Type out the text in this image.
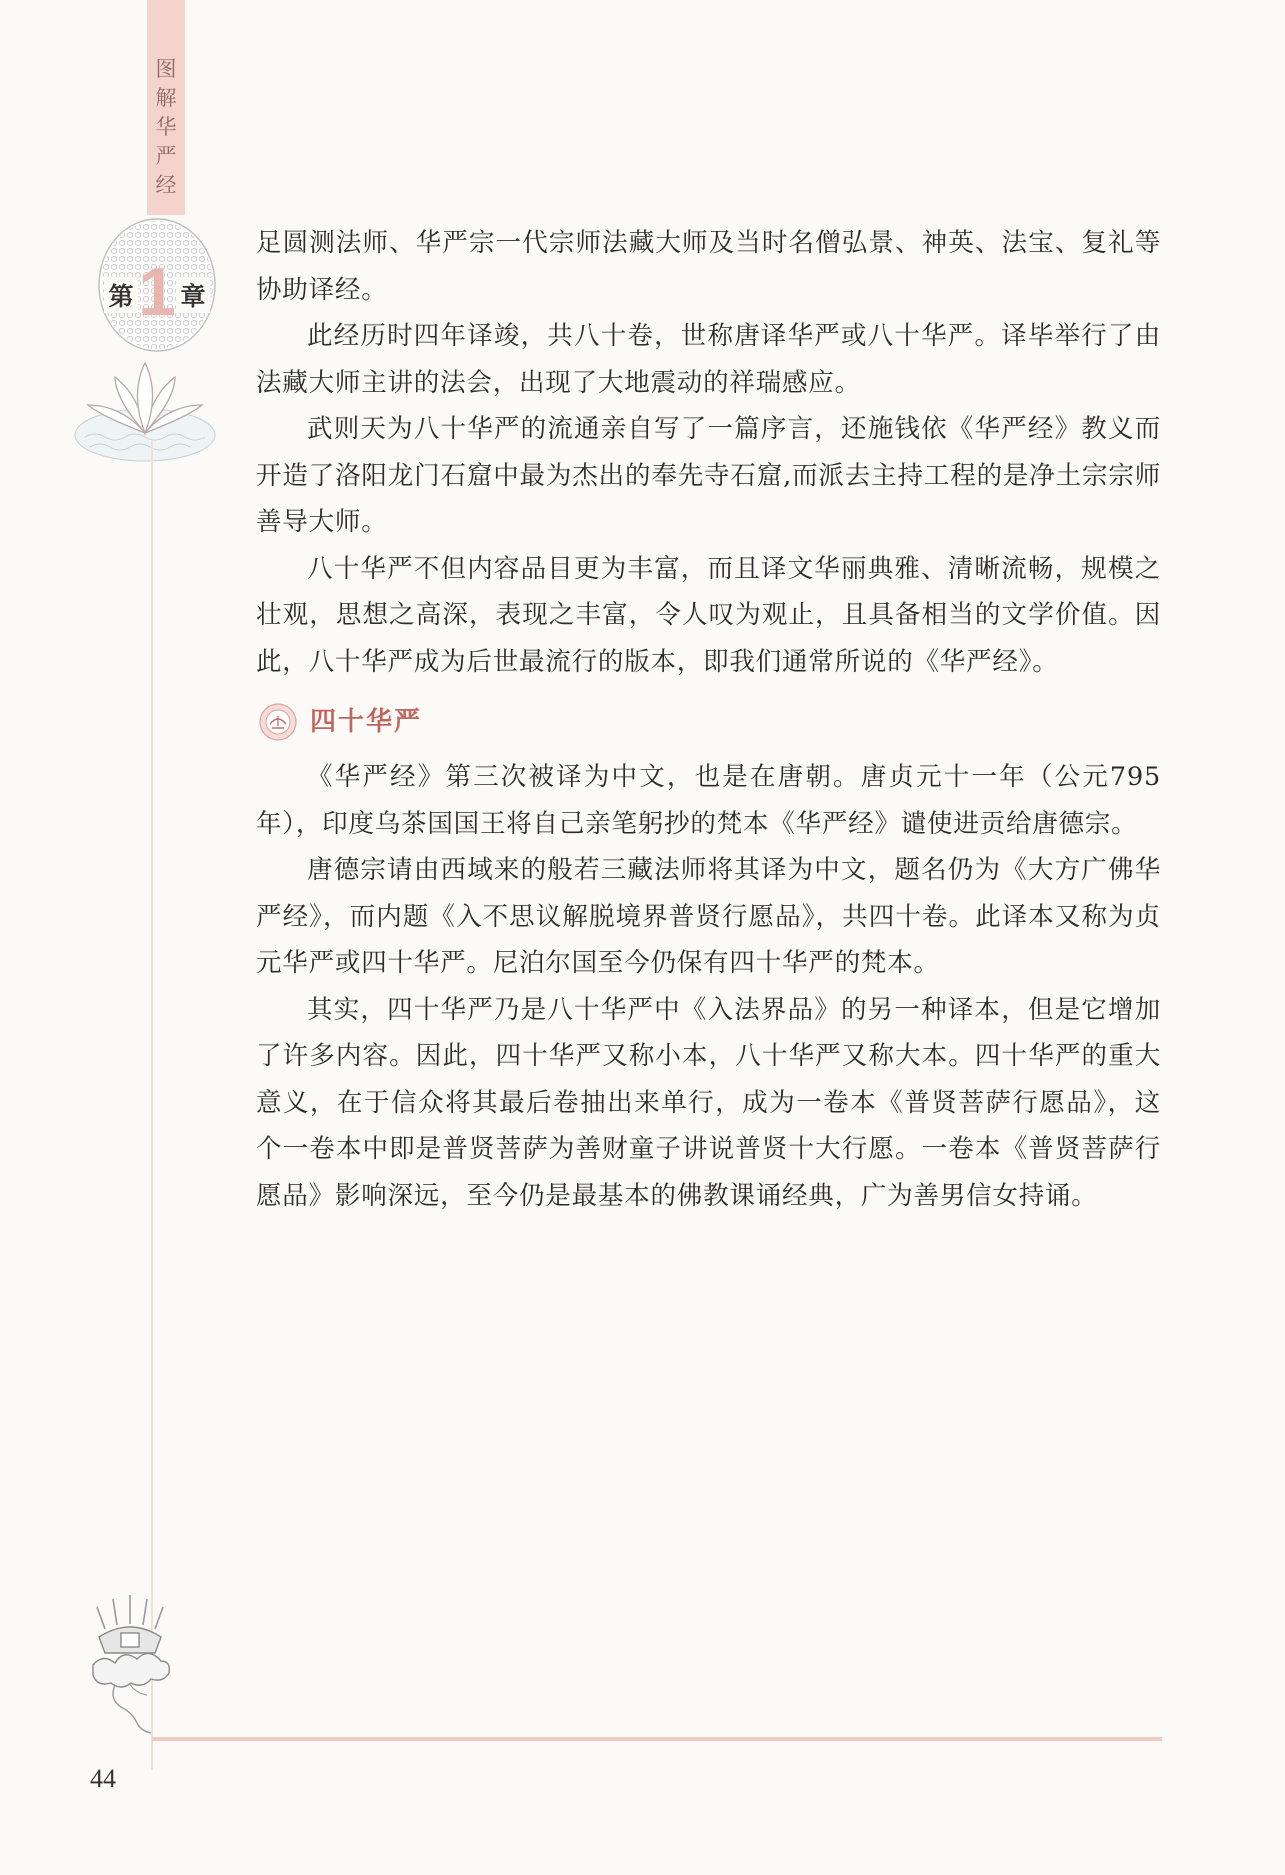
图解华严经
第 1 章

足圆测法师、华严宗一代宗师法藏大师及当时名僧弘景、神英、法宝、复礼等协助译经。

此经历时四年译竣，共八十卷，世称唐译华严或八十华严。译毕举行了由法藏大师主讲的法会，出现了大地震动的祥瑞感应。

武则天为八十华严的流通亲自写了一篇序言，还施钱依《华严经》教义而开造了洛阳龙门石窟中最为杰出的奉先寺石窟,而派去主持工程的是净土宗宗师善导大师。

八十华严不但内容品目更为丰富，而且译文华丽典雅、清晰流畅，规模之壮观，思想之高深，表现之丰富，令人叹为观止，且具备相当的文学价值。因此，八十华严成为后世最流行的版本，即我们通常所说的《华严经》。

四十华严

《华严经》第三次被译为中文，也是在唐朝。唐贞元十一年（公元795年），印度乌茶国国王将自己亲笔躬抄的梵本《华严经》谴使进贡给唐德宗。

唐德宗请由西域来的般若三藏法师将其译为中文，题名仍为《大方广佛华严经》，而内题《入不思议解脱境界普贤行愿品》，共四十卷。此译本又称为贞元华严或四十华严。尼泊尔国至今仍保有四十华严的梵本。

其实，四十华严乃是八十华严中《入法界品》的另一种译本，但是它增加了许多内容。因此，四十华严又称小本，八十华严又称大本。四十华严的重大意义，在于信众将其最后卷抽出来单行，成为一卷本《普贤菩萨行愿品》，这个一卷本中即是普贤菩萨为善财童子讲说普贤十大行愿。一卷本《普贤菩萨行愿品》影响深远，至今仍是最基本的佛教课诵经典，广为善男信女持诵。

44
